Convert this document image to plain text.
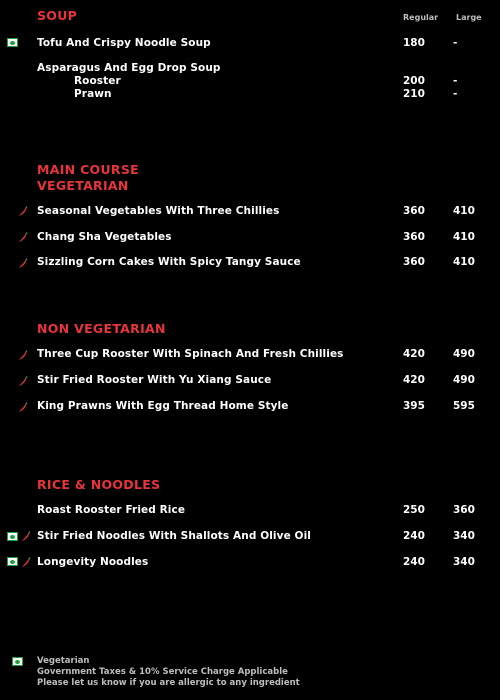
SOUP	Regular Large
Tofu And Crispy Noodle Soup	180	-
Asparagus And Egg Drop Soup
Rooster	200	-
Prawn	210	-
MAIN COURSE
VEGETARIAN
Seasonal Vegetables With Three Chillies	360	410
Chang Sha Vegetables	360	410
Sizzling Corn Cakes With Spicy Tangy Sauce	360	410
NON VEGETARIAN
Three Cup Rooster With Spinach And Fresh Chillies	420	490
Stir Fried Rooster With Yu Xiang Sauce	420	490
King Prawns With Egg Thread Home Style	395	595
RICE & NOODLES
Roast Rooster Fried Rice	250	360
Stir Fried Noodles With Shallots And Olive Oil	240	340
Longevity Noodles	240	340
Vegetarian
Government Taxes & 10% Service Charge Applicable
Please let us know if you are allergic to any ingredient
